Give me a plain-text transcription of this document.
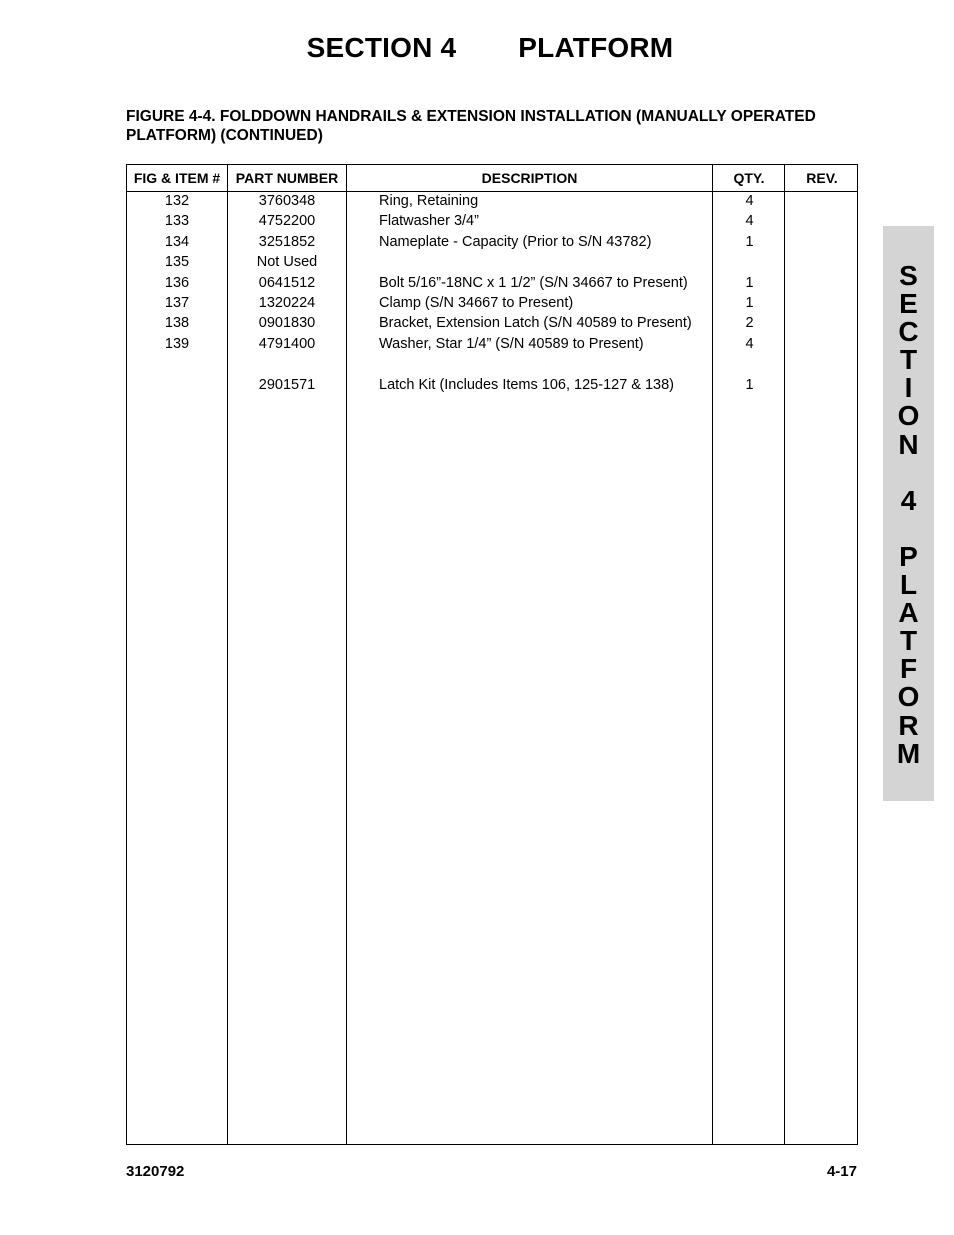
SECTION 4 PLATFORM
FIGURE 4-4. FOLDDOWN HANDRAILS & EXTENSION INSTALLATION (MANUALLY OPERATED PLATFORM) (CONTINUED)
FIG & ITEM #	PART NUMBER	DESCRIPTION	QTY.	REV.
132	3760348	Ring, Retaining	4
133	4752200	Flatwasher 3/4”	4
134	3251852	Nameplate - Capacity (Prior to S/N 43782)	1
135	Not Used
136	0641512	Bolt 5/16”-18NC x 1 1/2” (S/N 34667 to Present)	1
137	1320224	Clamp (S/N 34667 to Present)	1
138	0901830	Bracket, Extension Latch (S/N 40589 to Present)	2
139	4791400	Washer, Star 1/4” (S/N 40589 to Present)	4
2901571	Latch Kit (Includes Items 106, 125-127 & 138)	1
S
E
C
T
I
O
N
4
P
L
A
T
F
O
R
M
3120792	4-17
